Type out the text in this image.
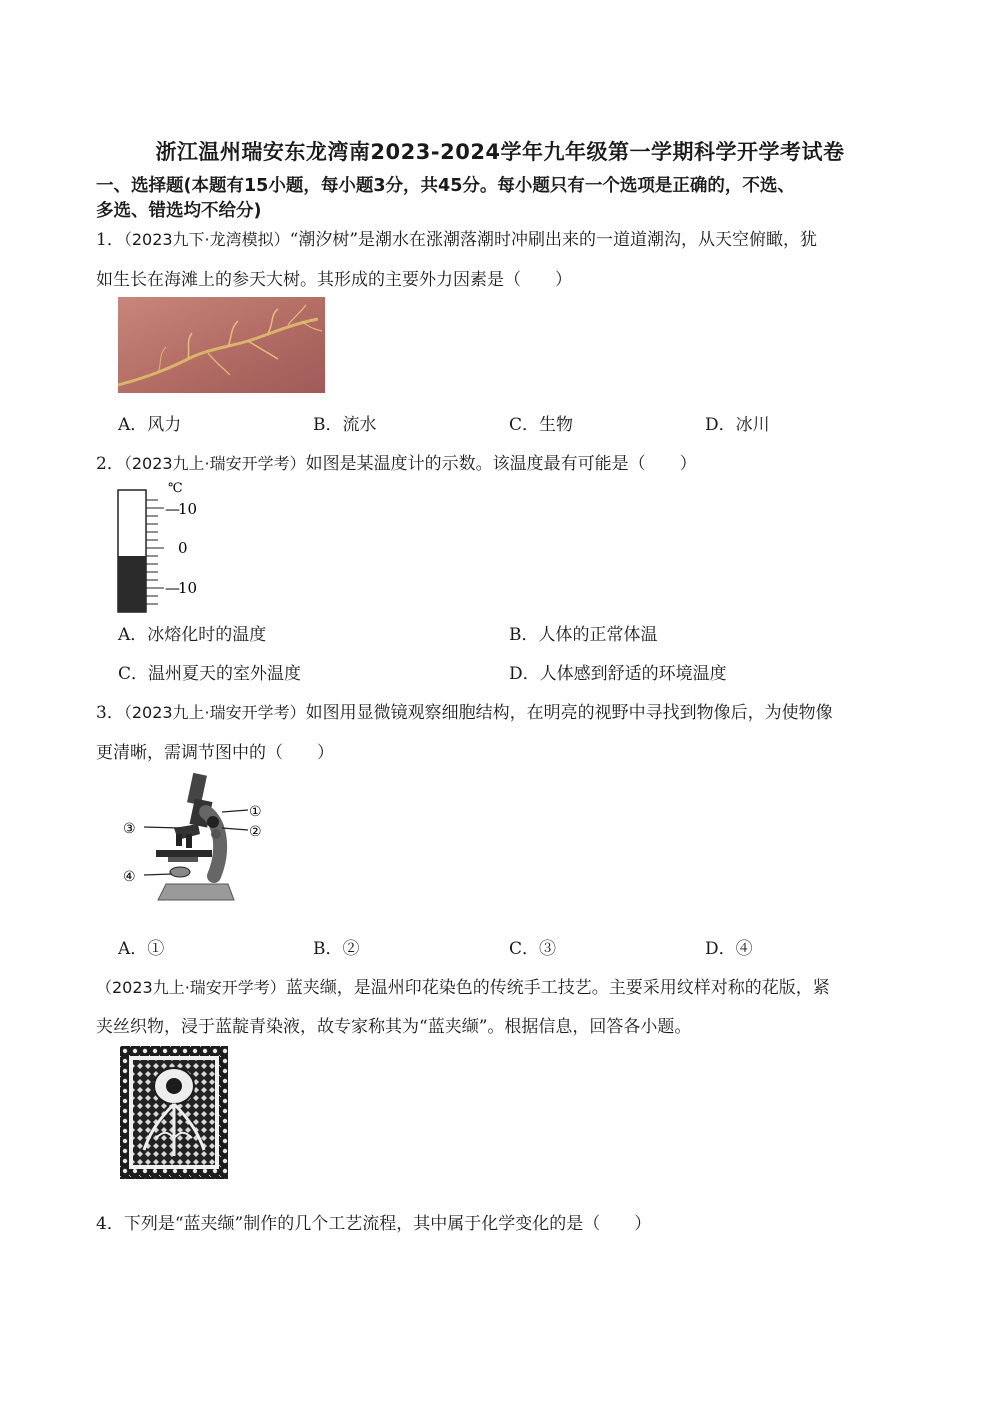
浙江温州瑞安东龙湾南2023-2024学年九年级第一学期科学开学考试卷
一、选择题(本题有15小题，每小题3分，共45分。每小题只有一个选项是正确的，不选、
多选、错选均不给分)
1．（2023九下·龙湾模拟）“潮汐树”是潮水在涨潮落潮时冲刷出来的一道道潮沟，从天空俯瞰，犹
如生长在海滩上的参天大树。其形成的主要外力因素是（　　）
A．风力	B．流水	C．生物	D．冰川
2．（2023九上·瑞安开学考）如图是某温度计的示数。该温度最有可能是（　　）
℃
10
0
10
—
—
A．冰熔化时的温度	B．人体的正常体温
C．温州夏天的室外温度	D．人体感到舒适的环境温度
3．（2023九上·瑞安开学考）如图用显微镜观察细胞结构，在明亮的视野中寻找到物像后，为使物像
更清晰，需调节图中的（　　）
①
②
③
④
A．①	B．②	C．③	D．④
（2023九上·瑞安开学考）蓝夹缬，是温州印花染色的传统手工技艺。主要采用纹样对称的花版，紧
夹丝织物，浸于蓝靛青染液，故专家称其为“蓝夹缬”。根据信息，回答各小题。
4．下列是“蓝夹缬”制作的几个工艺流程，其中属于化学变化的是（　　）
